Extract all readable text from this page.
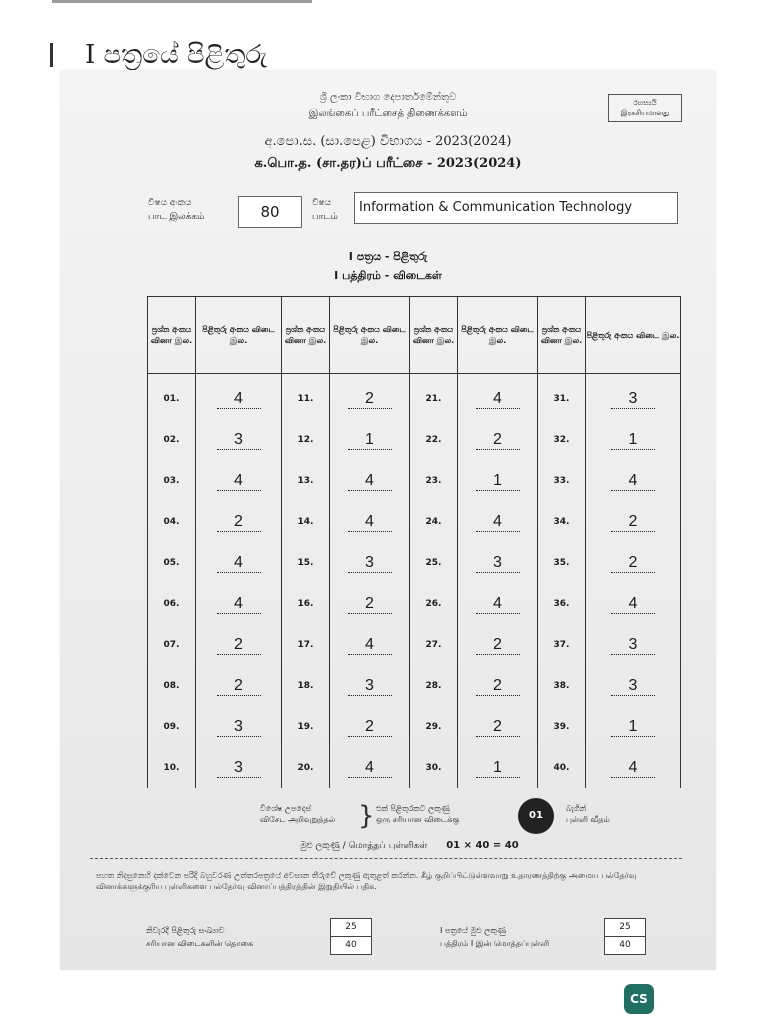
I පත්‍රයේ පිළිතුරු
ශ්‍රී ලංකා විභාග දෙපාර්තමේන්තුව
இலங்கைப் பரீட்சைத் திணைக்களம்
රහස්‍යයි
இரகசியமானது
අ.පො.ස. (සා.පෙළ) විභාගය - 2023(2024)
க.பொ.த. (சா.தர)ப் பரீட்சை - 2023(2024)
විෂය අංකය
பாட இலக்கம்	80	විෂය
பாடம்
Information & Communication Technology
I පත්‍රය - පිළිතුරු
I பத்திரம் - விடைகள்
ප්‍රශ්න අංකය வினா இல.	පිළිතුරු අංකය விடை இல.	ප්‍රශ්න අංකය வினா இல.	පිළිතුරු අංකය விடை இல.	ප්‍රශ්න අංකය வினா இல.	පිළිතුරු අංකය விடை இல.	ප්‍රශ්න අංකය வினா இல.	පිළිතුරු අංකය விடை இல.
01.	4	11.	2	21.	4	31.	3
02.	3	12.	1	22.	2	32.	1
03.	4	13.	4	23.	1	33.	4
04.	2	14.	4	24.	4	34.	2
05.	4	15.	3	25.	3	35.	2
06.	4	16.	2	26.	4	36.	4
07.	2	17.	4	27.	2	37.	3
08.	2	18.	3	28.	2	38.	3
09.	3	19.	2	29.	2	39.	1
10.	3	20.	4	30.	1	40.	4
විශේෂ උපදෙස්
விசேட அறிவுறுத்தல் } එක් පිළිතුරකට ලකුණු
ஒரு சரியான விடைக்கு	01
බැගින්
புள்ளி வீதம்
මුළු ලකුණු / மொத்தப் புள்ளிகள் 01 × 40 = 40
පහත නිදසුනෙහි දක්වෙන පරිදි බහුවරණ උත්තරපත්‍රයේ අවසාන තීරුවේ ලකුණු ඇතුළත් කරන්න. கீழ் குறிப்பிட்டுள்ளவாறு உதாரணத்திற்கு அமைய பல்தேர்வு வினாக்களுக்குரிய புள்ளிகளை பல்தேர்வு வினாப்பத்திரத்தின் இறுதியில் பதிக.
නිවැරදි පිළිතුරු සංඛ්‍යාව
சரியான விடைகளின் தொகை
25
40
I පත්‍රයේ මුළු ලකුණු
பத்திரம் I இன் மொத்தப்புள்ளி
25
40
CS
